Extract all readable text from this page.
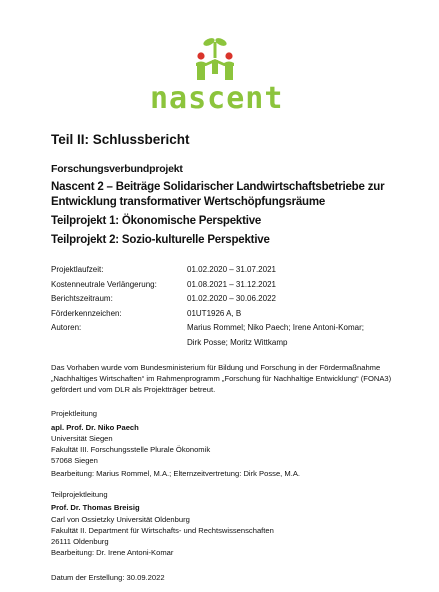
nascent
Teil II: Schlussbericht
Forschungsverbundprojekt
Nascent 2 – Beiträge Solidarischer Landwirtschaftsbetriebe zur
Entwicklung transformativer Wertschöpfungsräume
Teilprojekt 1: Ökonomische Perspektive
Teilprojekt 2: Sozio-kulturelle Perspektive
Projektlaufzeit:	01.02.2020 – 31.07.2021
Kostenneutrale Verlängerung:	01.08.2021 – 31.12.2021
Berichtszeitraum:	01.02.2020 – 30.06.2022
Förderkennzeichen:	01UT1926 A, B
Autoren:	Marius Rommel; Niko Paech; Irene Antoni-Komar;
Dirk Posse; Moritz Wittkamp
Das Vorhaben wurde vom Bundesministerium für Bildung und Forschung in der Fördermaßnahme
„Nachhaltiges Wirtschaften“ im Rahmenprogramm „Forschung für Nachhaltige Entwicklung“ (FONA3)
gefördert und vom DLR als Projektträger betreut.
Projektleitung
apl. Prof. Dr. Niko Paech
Universität Siegen
Fakultät III. Forschungsstelle Plurale Ökonomik
57068 Siegen
Bearbeitung: Marius Rommel, M.A.; Elternzeitvertretung: Dirk Posse, M.A.
Teilprojektleitung
Prof. Dr. Thomas Breisig
Carl von Ossietzky Universität Oldenburg
Fakultät II. Department für Wirtschafts- und Rechtswissenschaften
26111 Oldenburg
Bearbeitung: Dr. Irene Antoni-Komar
Datum der Erstellung: 30.09.2022
